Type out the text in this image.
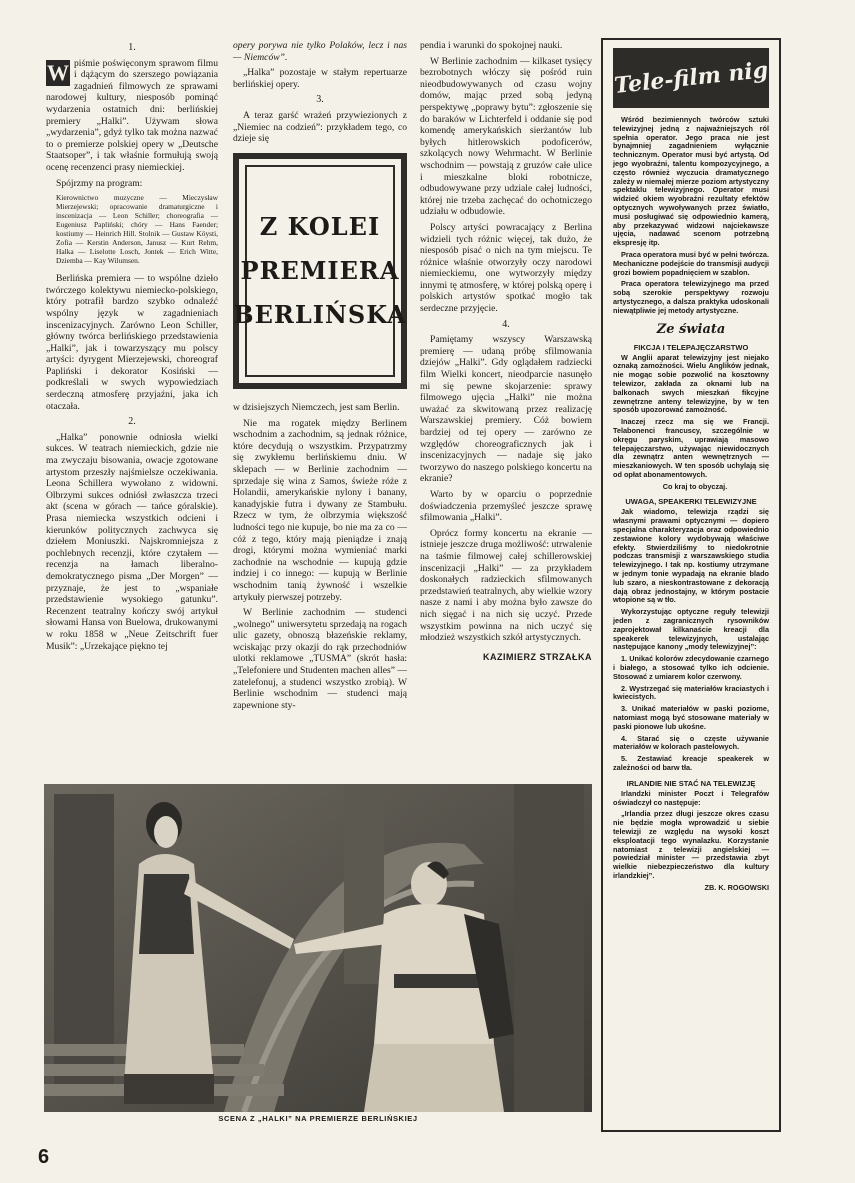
1.

W piśmie poświęconym sprawom filmu i dążącym do szerszego powiązania zagadnień filmowych ze sprawami narodowej kultury, niesposób pominąć wydarzenia ostatnich dni: berlińskiej premiery „Halki”. Używam słowa „wydarzenia”, gdyż tylko tak można nazwać to o premierze polskiej opery w „Deutsche Staatsoper”, i tak właśnie formułują swoją ocenę recenzenci prasy niemieckiej.

Spójrzmy na program:

Kierownictwo muzyczne — Mieczysław Mierzejewski; opracowanie dramaturgiczne i inscenizacja — Leon Schiller; choreografia — Eugeniusz Papliński; chóry — Hans Faender; kostiumy — Heinrich Hill. Stolnik — Gustaw Köysti, Zofia — Kerstin Anderson, Janusz — Kurt Rehm, Halka — Liselotte Losch, Jontek — Erich Witte, Dziemba — Kay Wilumsen.

Berlińska premiera — to wspólne dzieło twórczego kolektywu niemiecko-polskiego, który potrafił bardzo szybko odnaleźć wspólny język w zagadnieniach inscenizacyjnych. Zarówno Leon Schiller, główny twórca berlińskiego przedstawienia „Halki”, jak i towarzyszący mu polscy artyści: dyrygent Mierzejewski, choreograf Papliński i dekorator Kosiński — podkreślali w swych wypowiedziach serdeczną atmosferę przyjaźni, jaka ich otaczała.

2.

„Halka” ponownie odniosła wielki sukces. W teatrach niemieckich, gdzie nie ma zwyczaju bisowania, owacje zgotowane artystom przeszły najśmielsze oczekiwania. Leona Schillera wywołano z widowni. Olbrzymi sukces odniósł zwłaszcza trzeci akt (scena w górach — tańce góralskie). Prasa niemiecka wszystkich odcieni i kierunków politycznych zachwyca się dziełem Moniuszki. Najskromniejsza z pochlebnych recenzji, które czytałem — recenzja na łamach liberalno-demokratycznego pisma „Der Morgen” — przyznaje, że jest to „wspaniałe przedstawienie wysokiego gatunku”. Recenzent teatralny kończy swój artykuł słowami Hansa von Buelowa, drukowanymi w roku 1858 w „Neue Zeitschrift fuer Musik”: „Urzekające piękno tej

opery porywa nie tylko Polaków, lecz i nas — Niemców”.

„Halka” pozostaje w stałym repertuarze berlińskiej opery.

3.

A teraz garść wrażeń przywiezionych z „Niemiec na codzień”: przykładem tego, co dzieje się

w dzisiejszych Niemczech, jest sam Berlin.

Nie ma rogatek między Berlinem wschodnim a zachodnim, są jednak różnice, które decydują o wszystkim. Przypatrzmy się zwykłemu berlińskiemu dniu. W sklepach — w Berlinie zachodnim — sprzedaje się wina z Samos, świeże róże z Holandii, amerykańskie nylony i banany, kanadyjskie futra i dywany ze Stambułu. Rzecz w tym, że olbrzymia większość ludności tego nie kupuje, bo nie ma za co — cóż z tego, który mają pieniądze i znają drogi, którymi można wymieniać marki zachodnie na wschodnie — kupują gdzie indziej i co innego: — kupują w Berlinie wschodnim tanią żywność i wszelkie artykuły pierwszej potrzeby.

W Berlinie zachodnim — studenci „wolnego” uniwersytetu sprzedają na rogach ulic gazety, obnoszą błazeńskie reklamy, wciskając przy okazji do rąk przechodniów ulotki reklamowe „TUSMA” (skrót hasła: „Telefoniere und Studenten machen alles” — zatelefonuj, a studenci wszystko zrobią). W Berlinie wschodnim — studenci mają zapewnione sty-

Z KOLEI
PREMIERA
BERLIŃSKA

pendia i warunki do spokojnej nauki.

W Berlinie zachodnim — kilkaset tysięcy bezrobotnych włóczy się pośród ruin nieodbudowywanych od czasu wojny domów, mając przed sobą jedyną perspektywę „poprawy bytu”: zgłoszenie się do baraków w Lichterfeld i oddanie się pod komendę amerykańskich sierżantów lub byłych hitlerowskich podoficerów, szkolących nowy Wehrmacht. W Berlinie wschodnim — powstają z gruzów całe ulice i mieszkalne bloki robotnicze, odbudowywane przy udziale całej ludności, której nie trzeba zachęcać do ochotniczego udziału w odbudowie.

Polscy artyści powracający z Berlina widzieli tych różnic więcej, tak dużo, że niesposób pisać o nich na tym miejscu. Te różnice właśnie otworzyły oczy narodowi niemieckiemu, one wytworzyły między innymi tę atmosferę, w której polską operę i polskich artystów spotkać mogło tak serdeczne przyjęcie.

4.

Pamiętamy wszyscy Warszawską premierę — udaną próbę sfilmowania dziejów „Halki”. Gdy oglądałem radziecki film Wielki koncert, nieodparcie nasunęło mi się pewne skojarzenie: sprawy filmowego ujęcia „Halki” nie można uważać za skwitowaną przez realizację Warszawskiej premiery. Cóż bowiem bardziej od tej opery — zarówno ze względów choreograficznych jak i inscenizacyjnych — nadaje się jako tworzywo do naszego polskiego koncertu na ekranie?

Warto by w oparciu o poprzednie doświadczenia przemyśleć jeszcze sprawę sfilmowania „Halki”.

Oprócz formy koncertu na ekranie — istnieje jeszcze druga możliwość: utrwalenie na taśmie filmowej całej schillerowskiej inscenizacji „Halki” — za przykładem doskonałych radzieckich sfilmowanych przedstawień teatralnych, aby wielkie wzory nasze z nami i aby można było zawsze do nich sięgać i na nich się uczyć. Przede wszystkim powinna na nich uczyć się młodzież wszystkich szkół artystycznych.

KAZIMIERZ STRZAŁKA
SCENA Z „HALKI” NA PREMIERZE BERLIŃSKIEJ
Tele-film nig

Wśród bezimiennych twórców sztuki telewizyjnej jedną z najważniejszych ról spełnia operator. Jego praca nie jest bynajmniej zagadnieniem wyłącznie technicznym. Operator musi być artystą. Od jego wyobraźni, talentu kompozycyjnego, a często również wyczucia dramatycznego zależy w niemałej mierze poziom artystyczny spektaklu telewizyjnego. Operator musi widzieć okiem wyobraźni rezultaty efektów optycznych wywoływanych przez światło, musi posługiwać się odpowiednio kamerą, aby przekazywać widzowi najciekawsze ujęcia, nadawać scenom potrzebną ekspresję itp.

Praca operatora musi być w pełni twórcza. Mechaniczne podejście do transmisji audycji grozi bowiem popadnięciem w szablon.

Praca operatora telewizyjnego ma przed sobą szerokie perspektywy rozwoju artystycznego, a dalsza praktyka udoskonali niewątpliwie jej metody artystyczne.

Ze świata
FIKCJA I TELEPAJĘCZARSTWO

W Anglii aparat telewizyjny jest niejako oznaką zamożności. Wielu Anglików jednak, nie mogąc sobie pozwolić na kosztowny telewizor, zakłada za oknami lub na balkonach swych mieszkań fikcyjne zewnętrzne anteny telewizyjne, by w ten sposób upozorować zamożność.

Inaczej rzecz ma się we Francji. Telabonenci francuscy, szczególnie w okręgu paryskim, uprawiają masowo telepajęczarstwo, używając niewidocznych dla zewnątrz anten wewnętrznych — mieszkaniowych. W ten sposób uchylają się od opłat abonamentowych.

Co kraj to obyczaj.

UWAGA, SPEAKERKI TELEWIZYJNE

Jak wiadomo, telewizja rządzi się własnymi prawami optycznymi — dopiero specjalna charakteryzacja oraz odpowiednio zestawione kolory wydobywają właściwe efekty. Stwierdziliśmy to niedokrotnie podczas transmisji z warszawskiego studia telewizyjnego. I tak np. kostiumy utrzymane w jednym tonie wypadają na ekranie blado lub szaro, a nieskontrastowane z dekoracją dają obraz jednostajny, w którym postacie wtopione są w tło.

Wykorzystując optyczne reguły telewizji jeden z zagranicznych rysowników zaprojektował kilkanaście kreacji dla speakerek telewizyjnych, ustalając następujące kanony „mody telewizyjnej”:

1. Unikać kolorów zdecydowanie czarnego i białego, a stosować tylko ich odcienie. Stosować z umiarem kolor czerwony.

2. Wystrzegać się materiałów kraciastych i kwiecistych.

3. Unikać materiałów w paski poziome, natomiast mogą być stosowane materiały w paski pionowe lub ukośne.

4. Starać się o częste używanie materiałów w kolorach pastelowych.

5. Zestawiać kreacje speakerek w zależności od barw tła.

IRLANDIE NIE STAĆ NA TELEWIZJĘ

Irlandzki minister Poczt i Telegrafów oświadczył co następuje:

„Irlandia przez długi jeszcze okres czasu nie będzie mogła wprowadzić u siebie telewizji ze względu na wysoki koszt eksploatacji tego wynalazku. Korzystanie natomiast z telewizji angielskiej — powiedział minister — przedstawia zbyt wielkie niebezpieczeństwo dla kultury irlandzkiej”.

ZB. K. ROGOWSKI
6
